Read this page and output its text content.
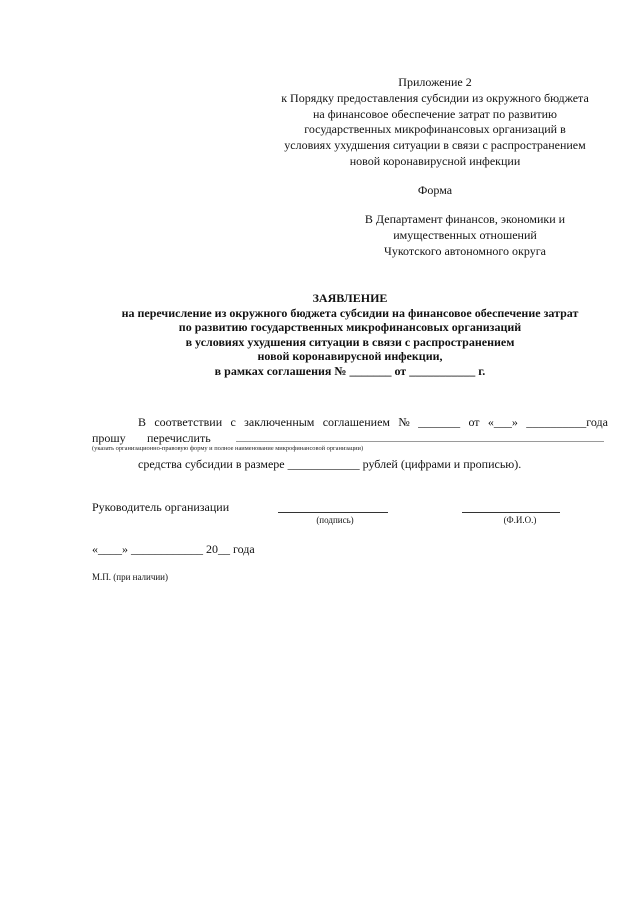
Приложение 2
к Порядку предоставления субсидии из окружного бюджета
на финансовое обеспечение затрат по развитию
государственных микрофинансовых организаций в
условиях ухудшения ситуации в связи с распространением
новой коронавирусной инфекции
Форма
В Департамент финансов, экономики и
имущественных отношений
Чукотского автономного округа
ЗАЯВЛЕНИЕ
на перечисление из окружного бюджета субсидии на финансовое обеспечение затрат
по развитию государственных микрофинансовых организаций
в условиях ухудшения ситуации в связи с распространением
новой коронавирусной инфекции,
в рамках соглашения № _______ от ___________ г.
В соответствии с заключенным соглашением № _______ от «___» __________года
прошу перечислить
(указать организационно-правовую форму и полное наименование микрофинансовой организации)
средства субсидии в размере ____________ рублей (цифрами и прописью).
Руководитель организации
(подпись)	(Ф.И.О.)
«____» ____________ 20__ года
М.П. (при наличии)
